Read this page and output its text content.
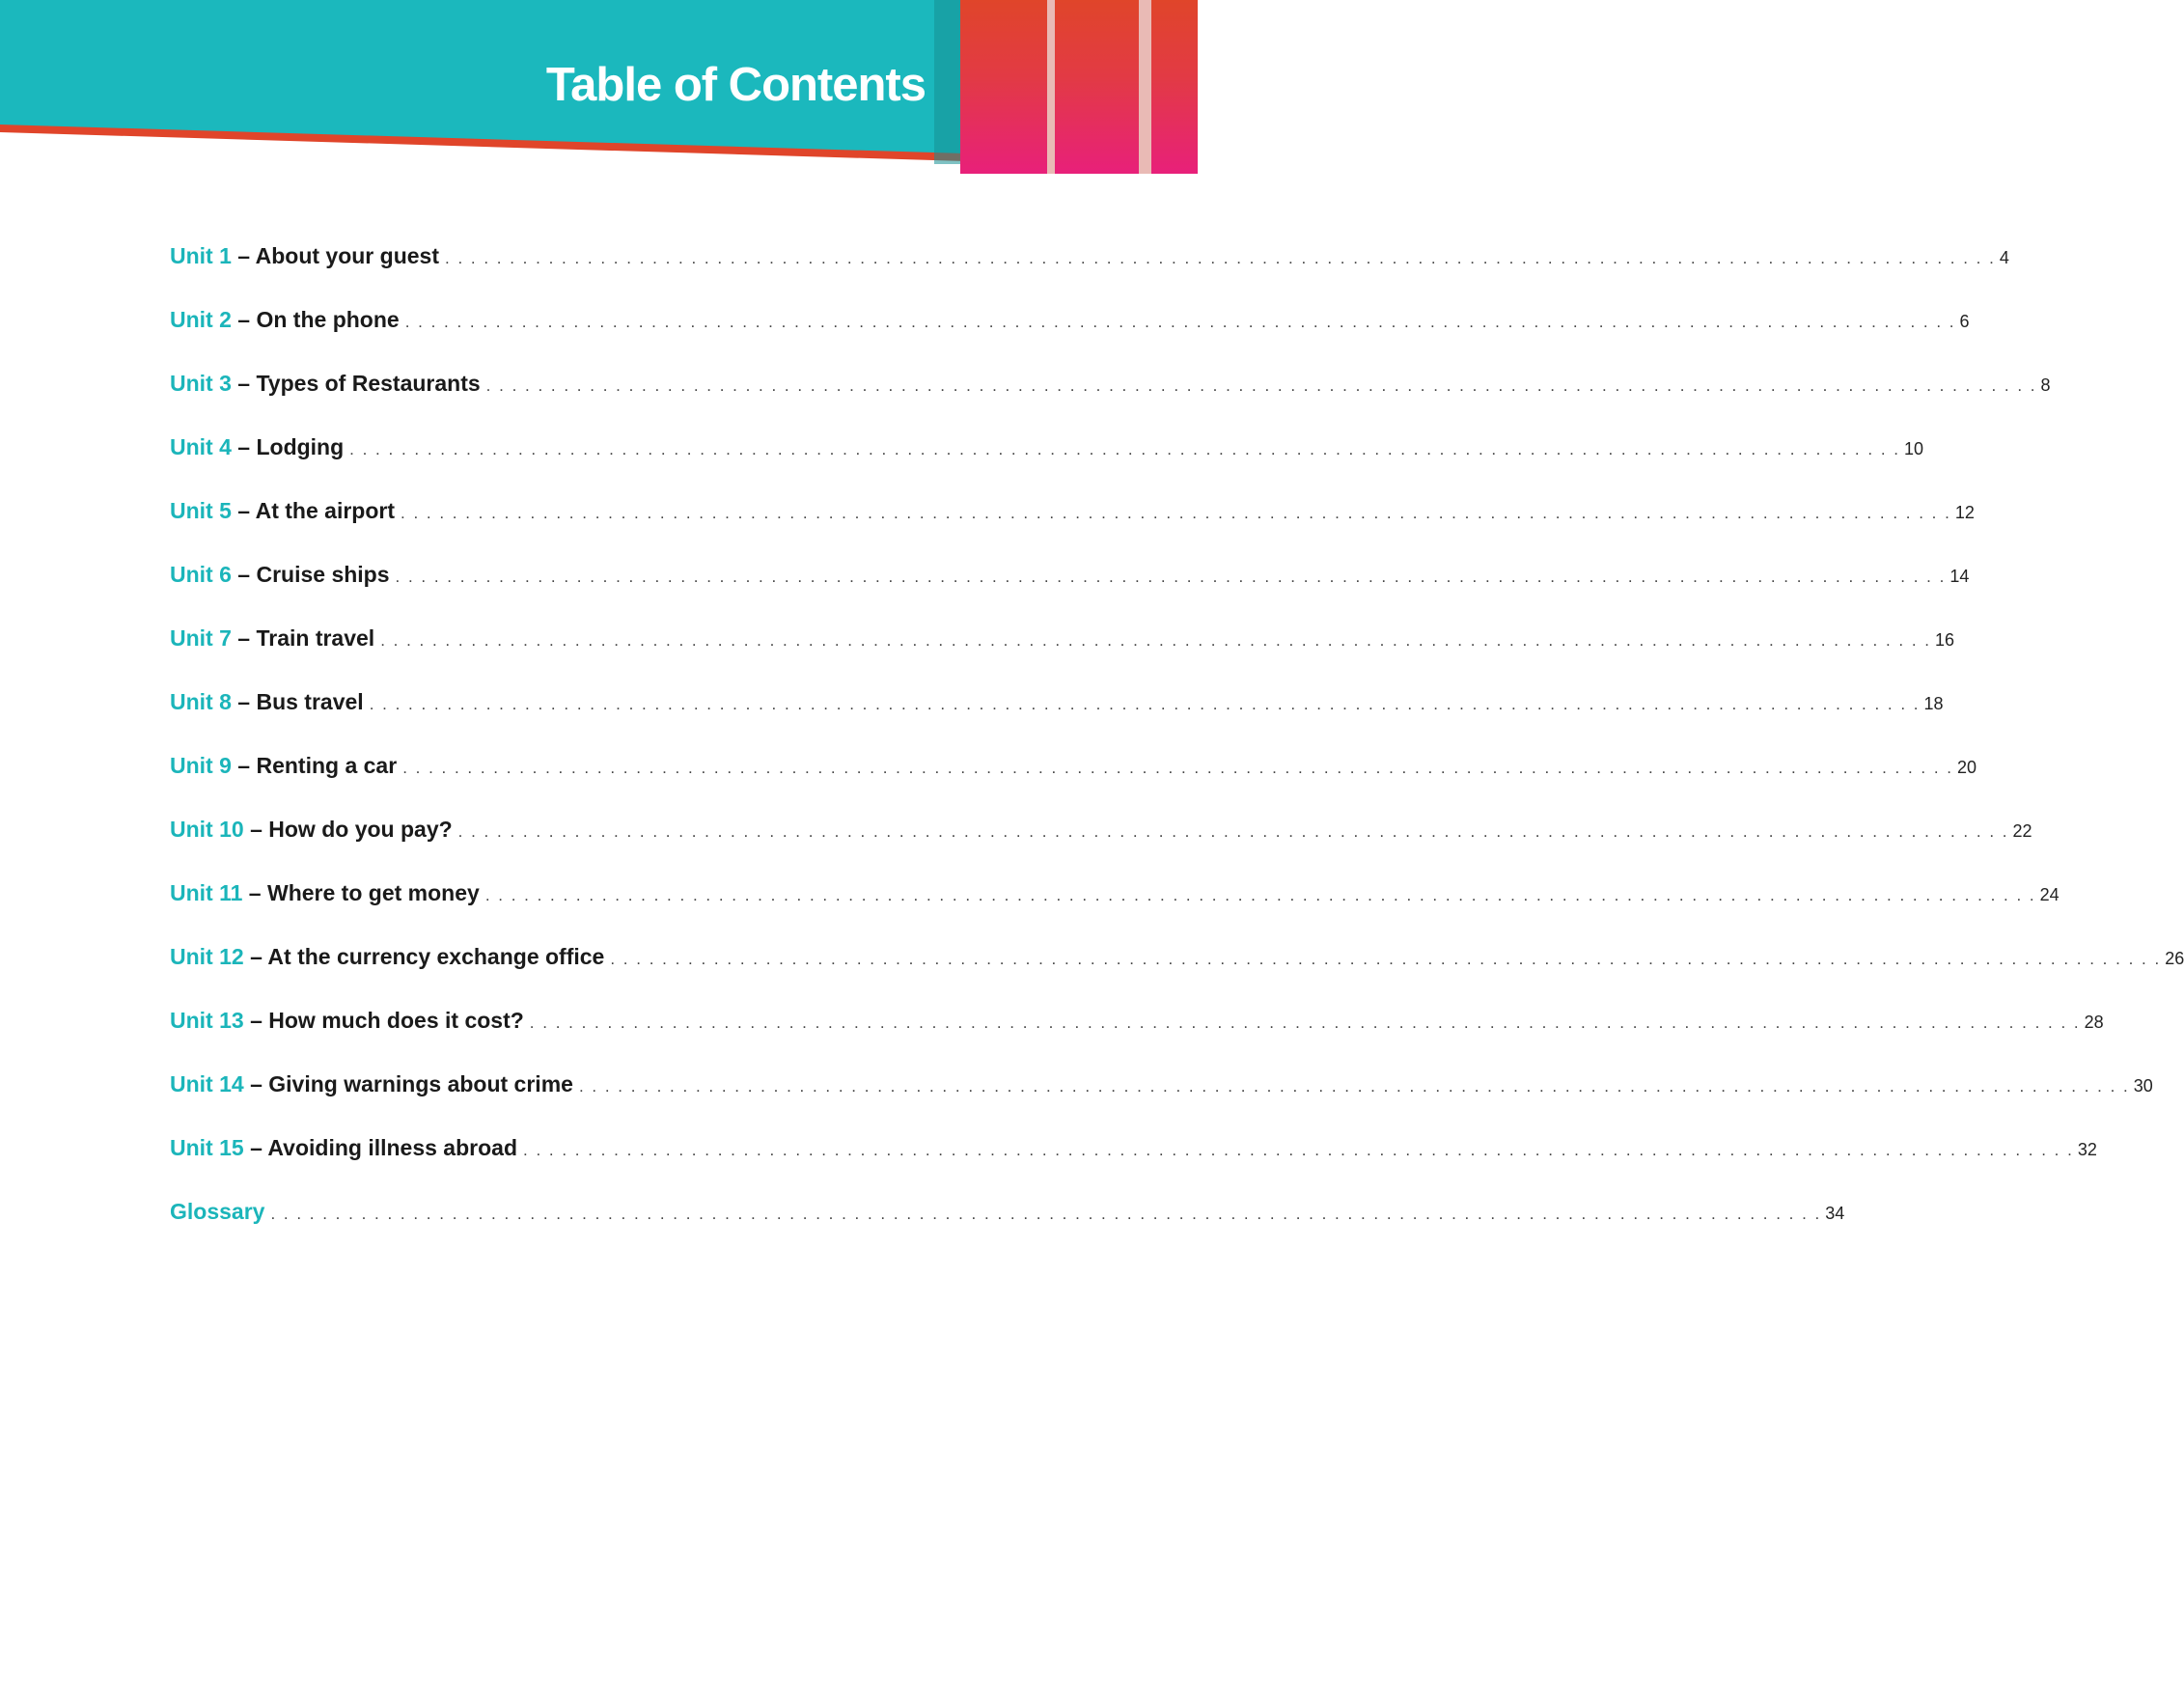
Table of Contents
Unit 1 – About your guest . . . . . . . . . . . . . . . . . . . . . . . . . . . . . . . . . . . . . . . . . . . . . . . . . . . . . . . . . . . . . . . . . . . . . . . . . . . . . . . . . . . . . . . . . . . . . . . . . . . . . . . . . . . . . . . . . . . . . . . . 4
Unit 2 – On the phone . . . . . . . . . . . . . . . . . . . . . . . . . . . . . . . . . . . . . . . . . . . . . . . . . . . . . . . . . . . . . . . . . . . . . . . . . . . . . . . . . . . . . . . . . . . . . . . . . . . . . . . . . . . . . . . . . . . . . . . . 6
Unit 3 – Types of Restaurants . . . . . . . . . . . . . . . . . . . . . . . . . . . . . . . . . . . . . . . . . . . . . . . . . . . . . . . . . . . . . . . . . . . . . . . . . . . . . . . . . . . . . . . . . . . . . . . . . . . . . . . . . . . . . . . . . . . . . . . . 8
Unit 4 – Lodging . . . . . . . . . . . . . . . . . . . . . . . . . . . . . . . . . . . . . . . . . . . . . . . . . . . . . . . . . . . . . . . . . . . . . . . . . . . . . . . . . . . . . . . . . . . . . . . . . . . . . . . . . . . . . . . . . . . . . . . . 10
Unit 5 – At the airport . . . . . . . . . . . . . . . . . . . . . . . . . . . . . . . . . . . . . . . . . . . . . . . . . . . . . . . . . . . . . . . . . . . . . . . . . . . . . . . . . . . . . . . . . . . . . . . . . . . . . . . . . . . . . . . . . . . . . . . . 12
Unit 6 – Cruise ships . . . . . . . . . . . . . . . . . . . . . . . . . . . . . . . . . . . . . . . . . . . . . . . . . . . . . . . . . . . . . . . . . . . . . . . . . . . . . . . . . . . . . . . . . . . . . . . . . . . . . . . . . . . . . . . . . . . . . . . . 14
Unit 7 – Train travel . . . . . . . . . . . . . . . . . . . . . . . . . . . . . . . . . . . . . . . . . . . . . . . . . . . . . . . . . . . . . . . . . . . . . . . . . . . . . . . . . . . . . . . . . . . . . . . . . . . . . . . . . . . . . . . . . . . . . . . . 16
Unit 8 – Bus travel . . . . . . . . . . . . . . . . . . . . . . . . . . . . . . . . . . . . . . . . . . . . . . . . . . . . . . . . . . . . . . . . . . . . . . . . . . . . . . . . . . . . . . . . . . . . . . . . . . . . . . . . . . . . . . . . . . . . . . . . 18
Unit 9 – Renting a car . . . . . . . . . . . . . . . . . . . . . . . . . . . . . . . . . . . . . . . . . . . . . . . . . . . . . . . . . . . . . . . . . . . . . . . . . . . . . . . . . . . . . . . . . . . . . . . . . . . . . . . . . . . . . . . . . . . . . . . . 20
Unit 10 – How do you pay? . . . . . . . . . . . . . . . . . . . . . . . . . . . . . . . . . . . . . . . . . . . . . . . . . . . . . . . . . . . . . . . . . . . . . . . . . . . . . . . . . . . . . . . . . . . . . . . . . . . . . . . . . . . . . . . . . . . . . . . . 22
Unit 11 – Where to get money . . . . . . . . . . . . . . . . . . . . . . . . . . . . . . . . . . . . . . . . . . . . . . . . . . . . . . . . . . . . . . . . . . . . . . . . . . . . . . . . . . . . . . . . . . . . . . . . . . . . . . . . . . . . . . . . . . . . . . . . 24
Unit 12 – At the currency exchange office . . . . . . . . . . . . . . . . . . . . . . . . . . . . . . . . . . . . . . . . . . . . . . . . . . . . . . . . . . . . . . . . . . . . . . . . . . . . . . . . . . . . . . . . . . . . . . . . . . . . . . . . . . . . . . . . . . . . . . . . 26
Unit 13 – How much does it cost? . . . . . . . . . . . . . . . . . . . . . . . . . . . . . . . . . . . . . . . . . . . . . . . . . . . . . . . . . . . . . . . . . . . . . . . . . . . . . . . . . . . . . . . . . . . . . . . . . . . . . . . . . . . . . . . . . . . . . . . . 28
Unit 14 – Giving warnings about crime . . . . . . . . . . . . . . . . . . . . . . . . . . . . . . . . . . . . . . . . . . . . . . . . . . . . . . . . . . . . . . . . . . . . . . . . . . . . . . . . . . . . . . . . . . . . . . . . . . . . . . . . . . . . . . . . . . . . . . . . 30
Unit 15 – Avoiding illness abroad . . . . . . . . . . . . . . . . . . . . . . . . . . . . . . . . . . . . . . . . . . . . . . . . . . . . . . . . . . . . . . . . . . . . . . . . . . . . . . . . . . . . . . . . . . . . . . . . . . . . . . . . . . . . . . . . . . . . . . . . 32
Glossary . . . . . . . . . . . . . . . . . . . . . . . . . . . . . . . . . . . . . . . . . . . . . . . . . . . . . . . . . . . . . . . . . . . . . . . . . . . . . . . . . . . . . . . . . . . . . . . . . . . . . . . . . . . . . . . . . . . . . . . . 34
